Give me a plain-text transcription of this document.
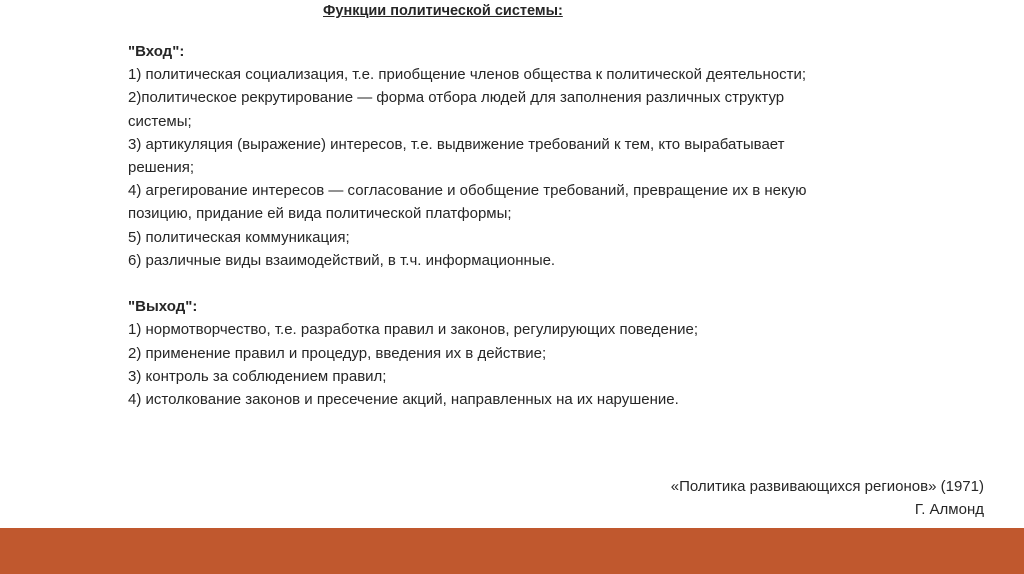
Функции политической системы:
"Вход":

1) политическая социализация, т.е. приобщение членов общества к политической деятельности;

2)политическое рекрутирование — форма отбора людей для заполнения различных структур системы;

3) артикуляция (выражение) интересов, т.е. выдвижение требований к тем, кто вырабатывает решения;

4) агрегирование интересов — согласование и обобщение требований, превращение их в некую позицию, придание ей вида политической платформы;

5) политическая коммуникация;

6) различные виды взаимодействий, в т.ч. информационные.

"Выход":

1) нормотворчество, т.е. разработка правил и законов, регулирующих поведение;

2) применение правил и процедур, введения их в действие;

3) контроль за соблюдением правил;

4) истолкование законов и пресечение акций, направленных на их нарушение.

«Политика развивающихся регионов» (1971)
Г. Алмонд
